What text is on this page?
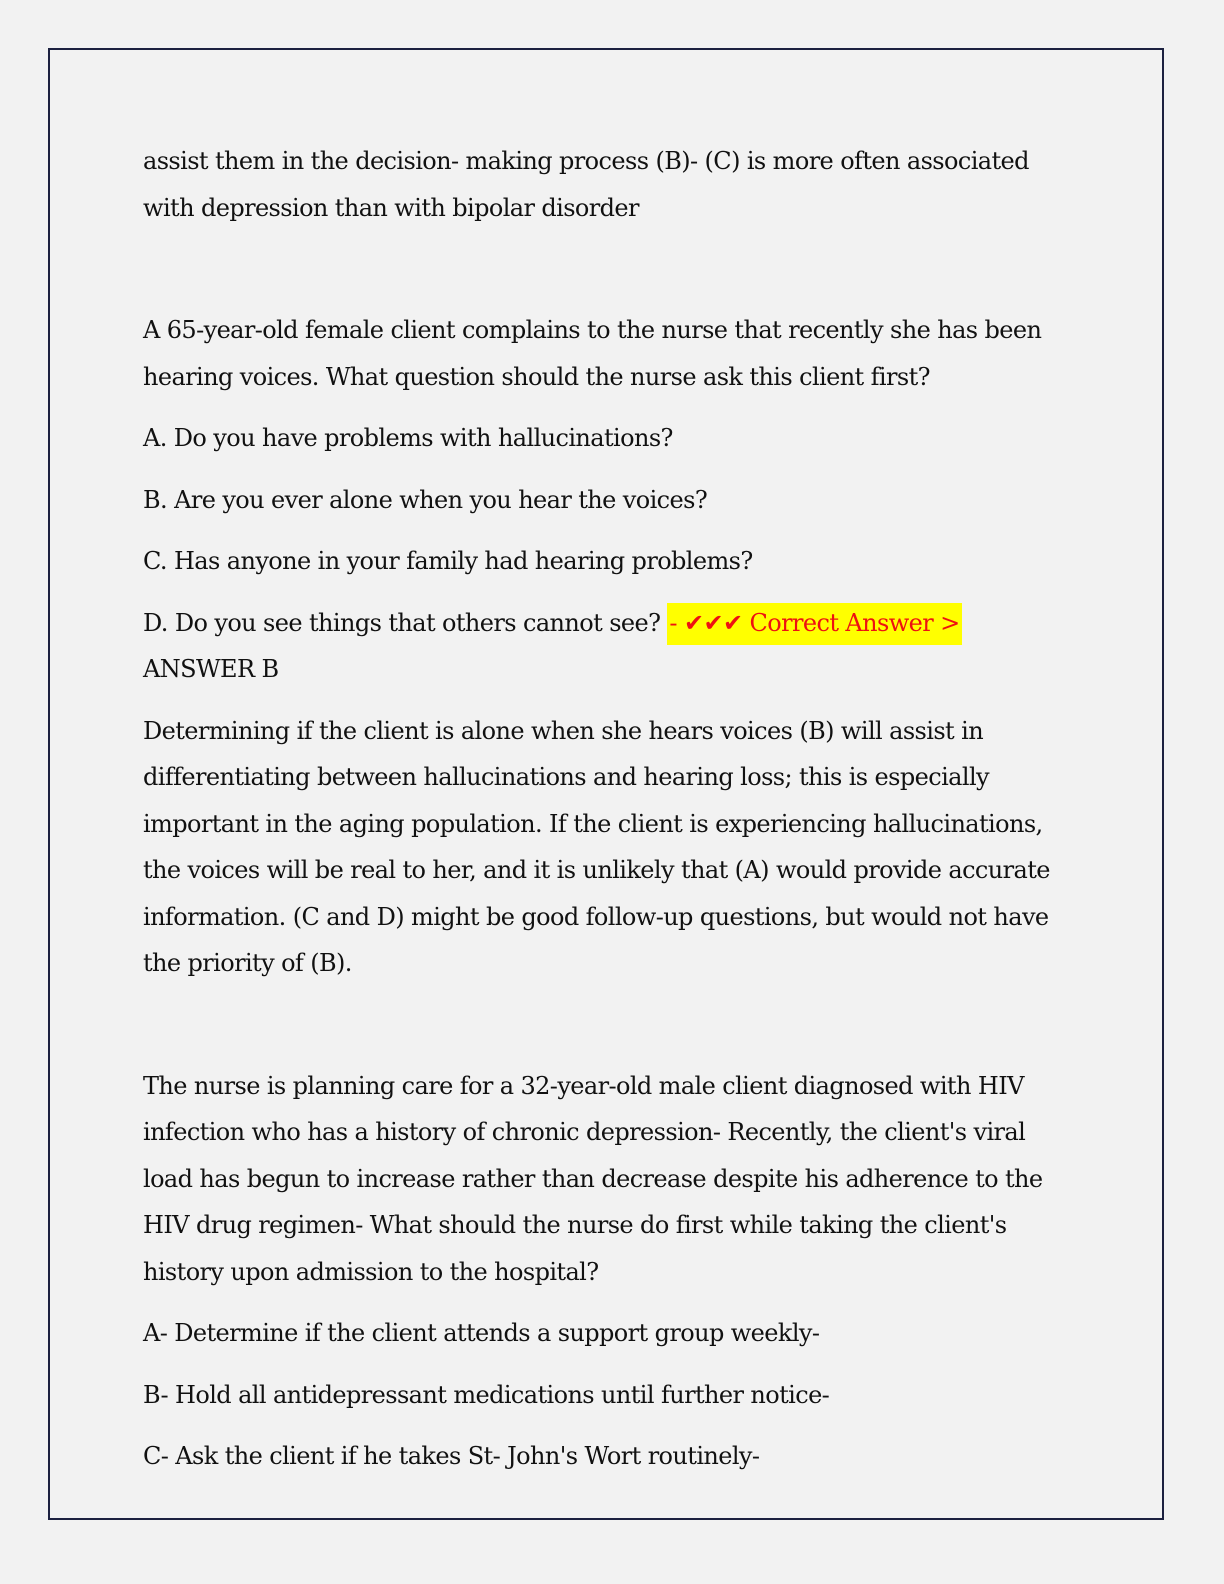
assist them in the decision- making process (B)- (C) is more often associated with depression than with bipolar disorder

A 65-year-old female client complains to the nurse that recently she has been hearing voices. What question should the nurse ask this client first?

A. Do you have problems with hallucinations?

B. Are you ever alone when you hear the voices?

C. Has anyone in your family had hearing problems?

D. Do you see things that others cannot see? - ✔✔✔ Correct Answer >
ANSWER B

Determining if the client is alone when she hears voices (B) will assist in differentiating between hallucinations and hearing loss; this is especially important in the aging population. If the client is experiencing hallucinations, the voices will be real to her, and it is unlikely that (A) would provide accurate information. (C and D) might be good follow-up questions, but would not have the priority of (B).

The nurse is planning care for a 32-year-old male client diagnosed with HIV infection who has a history of chronic depression- Recently, the client's viral load has begun to increase rather than decrease despite his adherence to the HIV drug regimen- What should the nurse do first while taking the client's history upon admission to the hospital?

A- Determine if the client attends a support group weekly-

B- Hold all antidepressant medications until further notice-

C- Ask the client if he takes St- John's Wort routinely-
